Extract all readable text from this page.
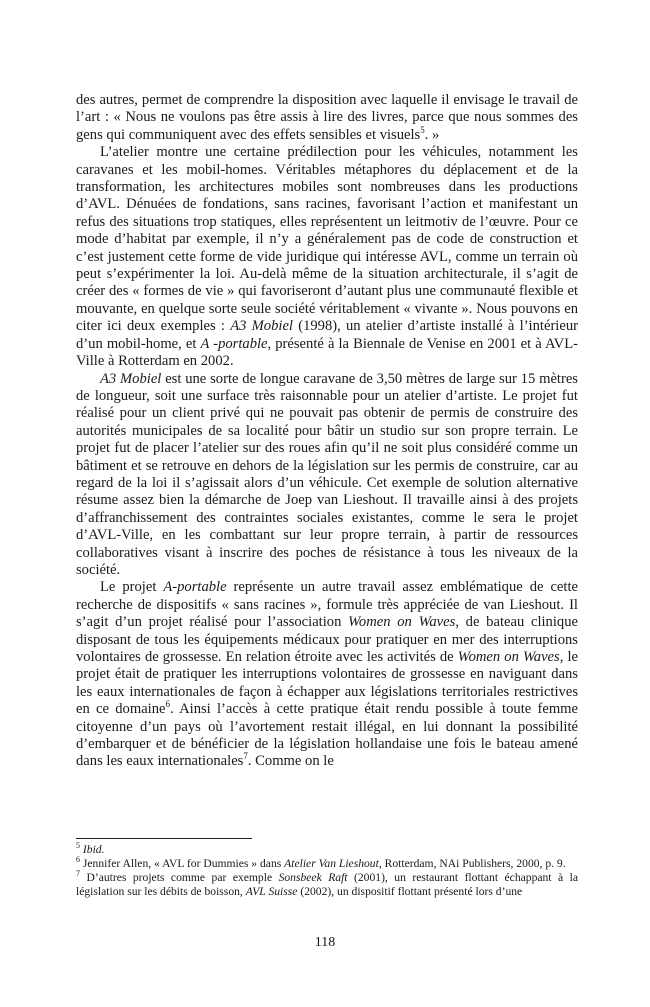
des autres, permet de comprendre la disposition avec laquelle il envisage le travail de l’art : « Nous ne voulons pas être assis à lire des livres, parce que nous sommes des gens qui communiquent avec des effets sensibles et visuels$^5$. »

L’atelier montre une certaine prédilection pour les véhicules, notamment les caravanes et les mobil-homes. Véritables métaphores du déplacement et de la transformation, les architectures mobiles sont nombreuses dans les productions d’AVL. Dénuées de fondations, sans racines, favorisant l’action et manifestant un refus des situations trop statiques, elles représentent un leitmotiv de l’œuvre. Pour ce mode d’habitat par exemple, il n’y a généralement pas de code de construction et c’est justement cette forme de vide juridique qui intéresse AVL, comme un terrain où peut s’expérimenter la loi. Au-delà même de la situation architecturale, il s’agit de créer des « formes de vie » qui favoriseront d’autant plus une communauté flexible et mouvante, en quelque sorte seule société véritablement « vivante ». Nous pouvons en citer ici deux exemples : A3 Mobiel (1998), un atelier d’artiste installé à l’intérieur d’un mobil-home, et A -portable, présenté à la Biennale de Venise en 2001 et à AVL-Ville à Rotterdam en 2002.

A3 Mobiel est une sorte de longue caravane de 3,50 mètres de large sur 15 mètres de longueur, soit une surface très raisonnable pour un atelier d’artiste. Le projet fut réalisé pour un client privé qui ne pouvait pas obtenir de permis de construire des autorités municipales de sa localité pour bâtir un studio sur son propre terrain. Le projet fut de placer l’atelier sur des roues afin qu’il ne soit plus considéré comme un bâtiment et se retrouve en dehors de la législation sur les permis de construire, car au regard de la loi il s’agissait alors d’un véhicule. Cet exemple de solution alternative résume assez bien la démarche de Joep van Lieshout. Il travaille ainsi à des projets d’affranchissement des contraintes sociales existantes, comme le sera le projet d’AVL-Ville, en les combattant sur leur propre terrain, à partir de ressources collaboratives visant à inscrire des poches de résistance à tous les niveaux de la société.

Le projet A-portable représente un autre travail assez emblématique de cette recherche de dispositifs « sans racines », formule très appréciée de van Lieshout. Il s’agit d’un projet réalisé pour l’association Women on Waves, de bateau clinique disposant de tous les équipements médicaux pour pratiquer en mer des interruptions volontaires de grossesse. En relation étroite avec les activités de Women on Waves, le projet était de pratiquer les interruptions volontaires de grossesse en naviguant dans les eaux internationales de façon à échapper aux législations territoriales restrictives en ce domaine$^6$. Ainsi l’accès à cette pratique était rendu possible à toute femme citoyenne d’un pays où l’avortement restait illégal, en lui donnant la possibilité d’embarquer et de bénéficier de la législation hollandaise une fois le bateau amené dans les eaux internationales$^7$. Comme on le

$^5$ Ibid.

$^6$ Jennifer Allen, « AVL for Dummies » dans Atelier Van Lieshout, Rotterdam, NAi Publishers, 2000, p. 9.

$^7$ D’autres projets comme par exemple Sonsbeek Raft (2001), un restaurant flottant échappant à la législation sur les débits de boisson, AVL Suisse (2002), un dispositif flottant présenté lors d’une

118
